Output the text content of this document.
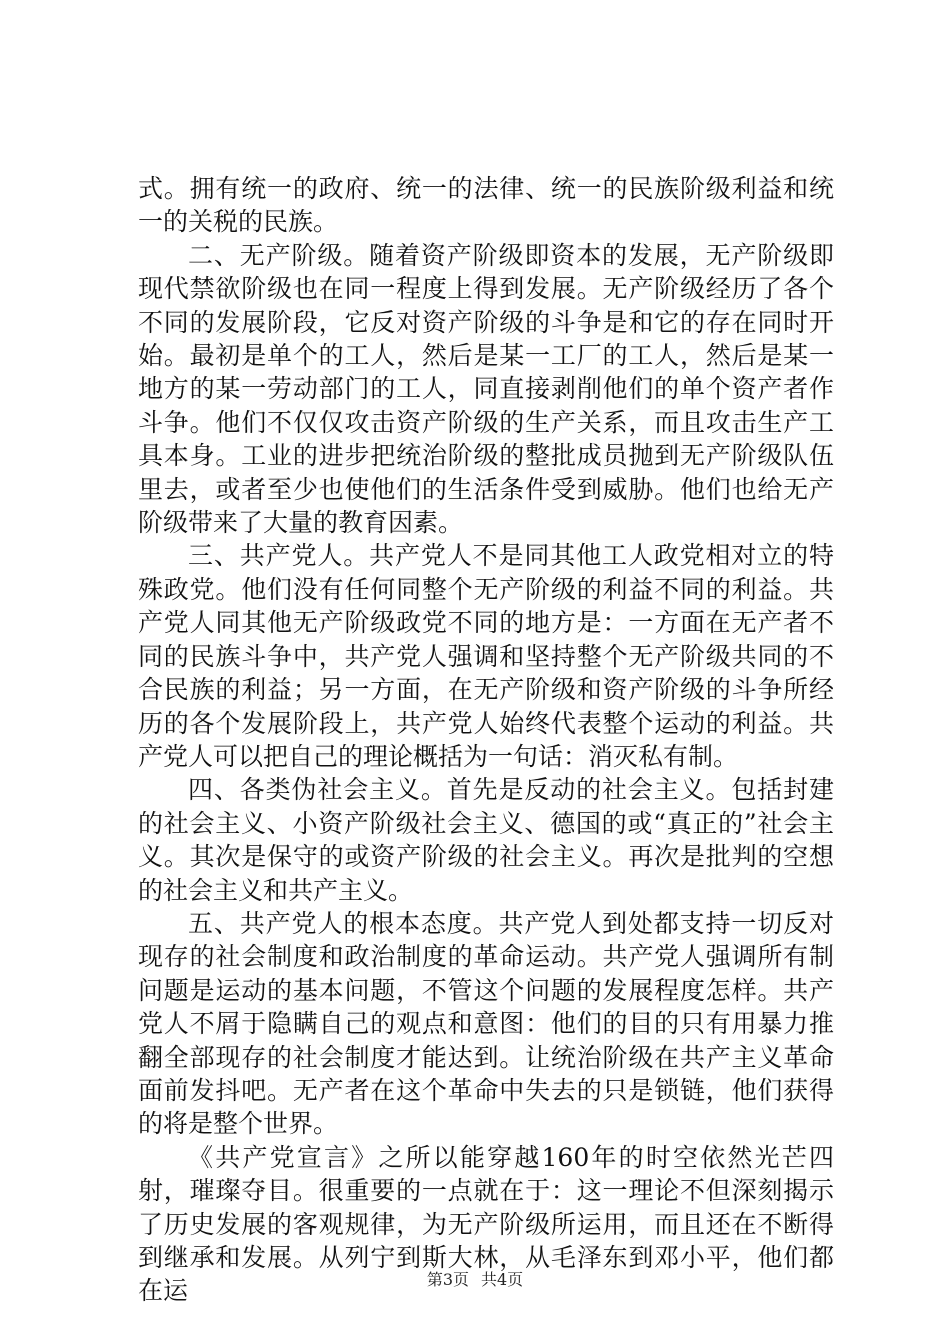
式。拥有统一的政府、统一的法律、统一的民族阶级利益和统一的关税的民族。

二、无产阶级。随着资产阶级即资本的发展，无产阶级即现代禁欲阶级也在同一程度上得到发展。无产阶级经历了各个不同的发展阶段，它反对资产阶级的斗争是和它的存在同时开始。最初是单个的工人，然后是某一工厂的工人，然后是某一地方的某一劳动部门的工人，同直接剥削他们的单个资产者作斗争。他们不仅仅攻击资产阶级的生产关系，而且攻击生产工具本身。工业的进步把统治阶级的整批成员抛到无产阶级队伍里去，或者至少也使他们的生活条件受到威胁。他们也给无产阶级带来了大量的教育因素。

三、共产党人。共产党人不是同其他工人政党相对立的特殊政党。他们没有任何同整个无产阶级的利益不同的利益。共产党人同其他无产阶级政党不同的地方是：一方面在无产者不同的民族斗争中，共产党人强调和坚持整个无产阶级共同的不合民族的利益；另一方面，在无产阶级和资产阶级的斗争所经历的各个发展阶段上，共产党人始终代表整个运动的利益。共产党人可以把自己的理论概括为一句话：消灭私有制。

四、各类伪社会主义。首先是反动的社会主义。包括封建的社会主义、小资产阶级社会主义、德国的或“真正的”社会主义。其次是保守的或资产阶级的社会主义。再次是批判的空想的社会主义和共产主义。

五、共产党人的根本态度。共产党人到处都支持一切反对现存的社会制度和政治制度的革命运动。共产党人强调所有制问题是运动的基本问题，不管这个问题的发展程度怎样。共产党人不屑于隐瞒自己的观点和意图：他们的目的只有用暴力推翻全部现存的社会制度才能达到。让统治阶级在共产主义革命面前发抖吧。无产者在这个革命中失去的只是锁链，他们获得的将是整个世界。

《共产党宣言》之所以能穿越160年的时空依然光芒四射，璀璨夺目。很重要的一点就在于：这一理论不但深刻揭示了历史发展的客观规律，为无产阶级所运用，而且还在不断得到继承和发展。从列宁到斯大林，从毛泽东到邓小平，他们都在运	第3页 共4页
